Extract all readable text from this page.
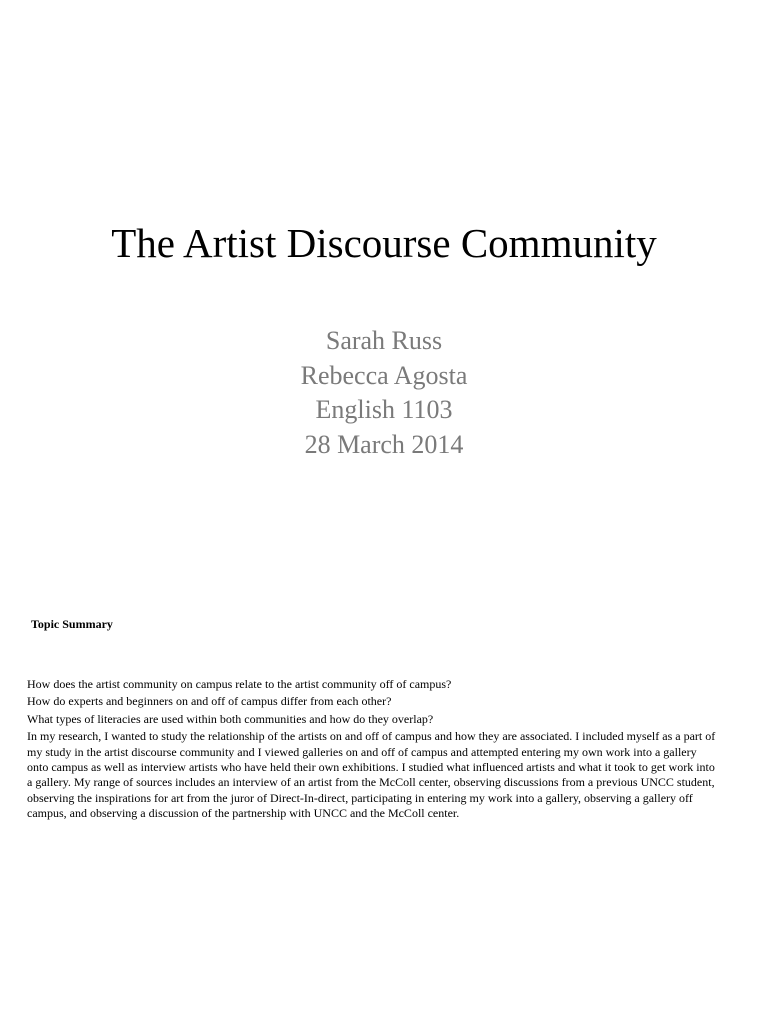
The Artist Discourse Community
Sarah Russ
Rebecca Agosta
English 1103
28 March 2014
Topic Summary

How does the artist community on campus relate to the artist community off of campus?

How do experts and beginners on and off of campus differ from each other?

What types of literacies are used within both communities and how do they overlap?

In my research, I wanted to study the relationship of the artists on and off of campus and how they are associated. I included myself as a part of my study in the artist discourse community and I viewed galleries on and off of campus and attempted entering my own work into a gallery onto campus as well as interview artists who have held their own exhibitions. I studied what influenced artists and what it took to get work into a gallery. My range of sources includes an interview of an artist from the McColl center, observing discussions from a previous UNCC student, observing the inspirations for art from the juror of Direct-In-direct, participating in entering my work into a gallery, observing a gallery off campus, and observing a discussion of the partnership with UNCC and the McColl center.
